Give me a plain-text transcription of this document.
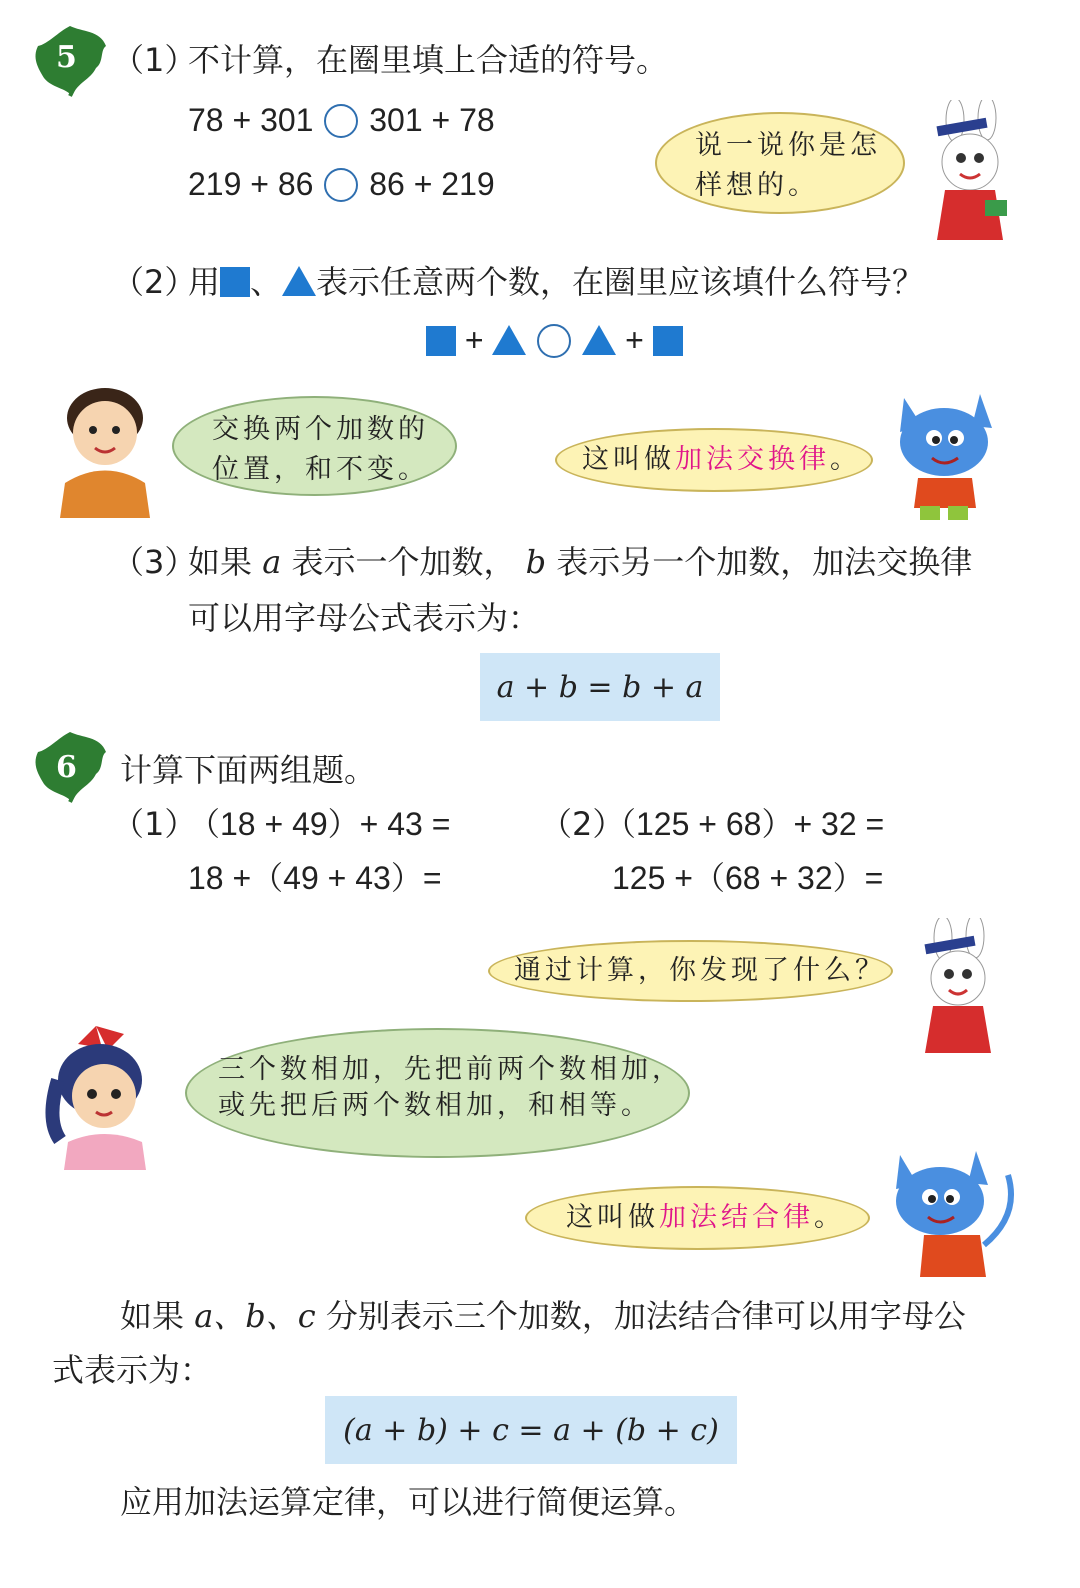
5 （1）
不计算，在圈里填上合适的符号。
78 + 301 301 + 78
219 + 86 86 + 219
说一说你是怎
样想的。
（2）
用 、 表示任意两个数，在圈里应该填什么符号？
+	+
交换两个加数的
位置，和不变。	这叫做加法交换律。
（3）
如果 a 表示一个加数， b 表示另一个加数，加法交换律
可以用字母公式表示为：
a + b = b + a
6 计算下面两组题。
（1）
（18 + 49）+ 43 =
18 +（49 + 43）=
（2）
（125 + 68）+ 32 =
125 +（68 + 32）=
通过计算，你发现了什么？
三个数相加，先把前两个数相加，
或先把后两个数相加，和相等。
这叫做加法结合律。
如果 a、b、c 分别表示三个加数，加法结合律可以用字母公
式表示为：
(a + b) + c = a + (b + c)
应用加法运算定律，可以进行简便运算。
